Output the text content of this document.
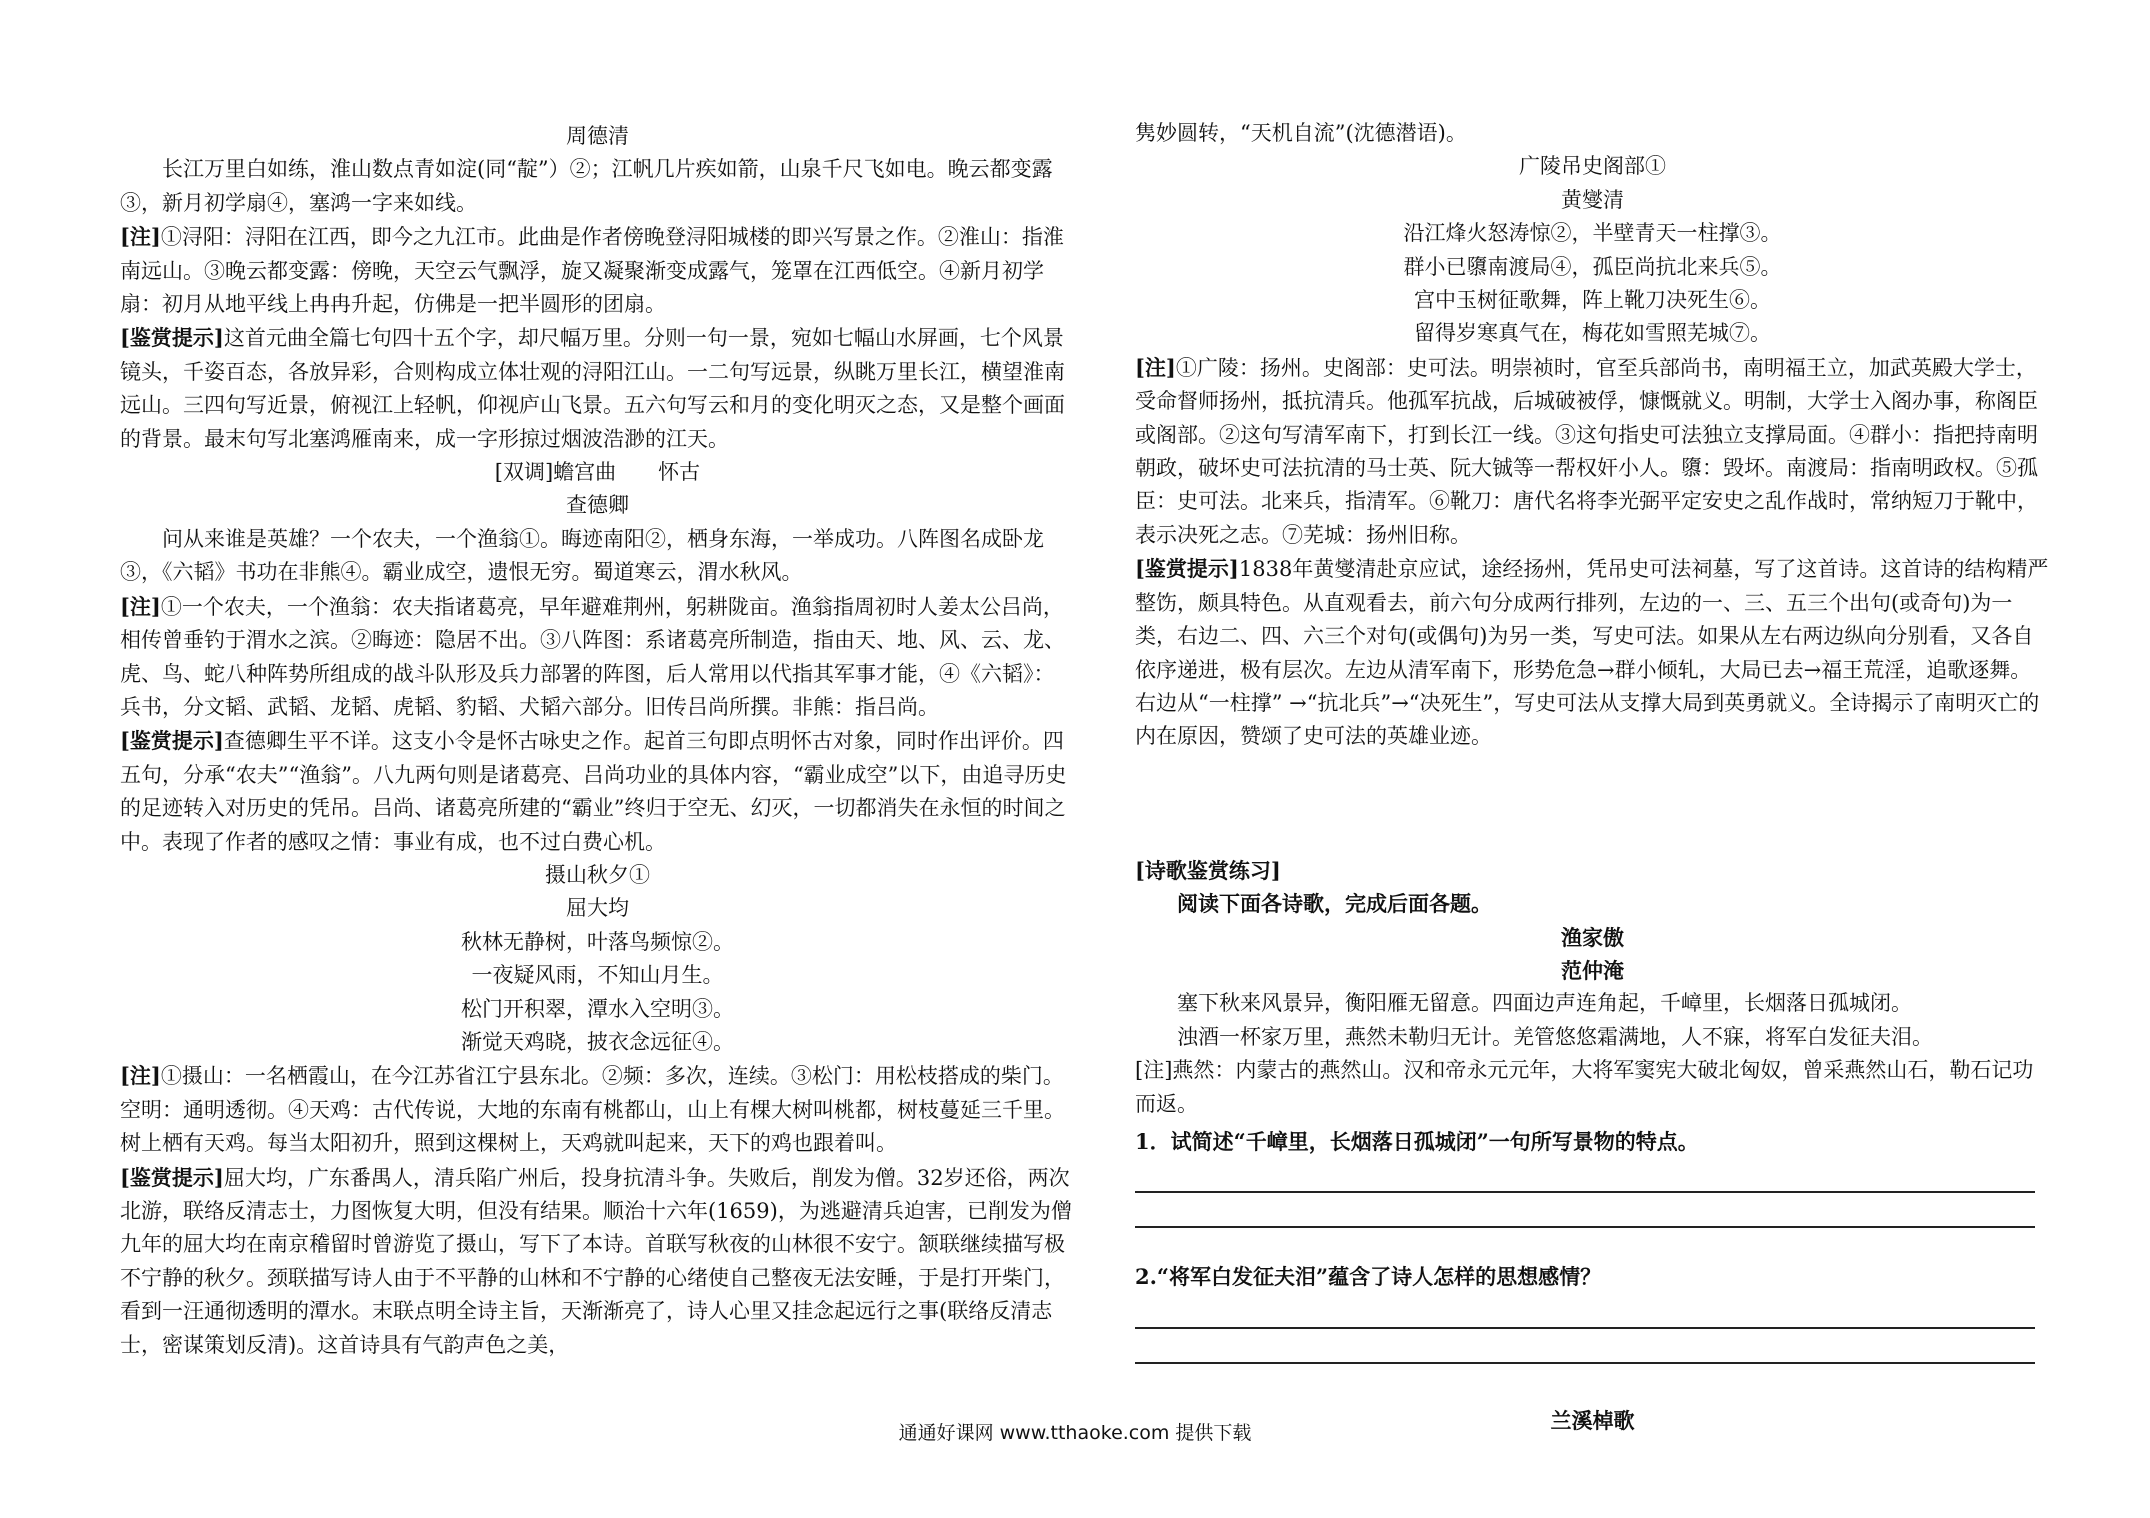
周德清

长江万里白如练，淮山数点青如淀(同“靛”）②；江帆几片疾如箭，山泉千尺飞如电。晚云都变露③，新月初学扇④，塞鸿一字来如线。

[注]①浔阳：浔阳在江西，即今之九江市。此曲是作者傍晚登浔阳城楼的即兴写景之作。②淮山：指淮南远山。③晚云都变露：傍晚，天空云气飘浮，旋又凝聚渐变成露气，笼罩在江西低空。④新月初学扇：初月从地平线上冉冉升起，仿佛是一把半圆形的团扇。

[鉴赏提示]这首元曲全篇七句四十五个字，却尺幅万里。分则一句一景，宛如七幅山水屏画，七个风景镜头，千姿百态，各放异彩，合则构成立体壮观的浔阳江山。一二句写远景，纵眺万里长江，横望淮南远山。三四句写近景，俯视江上轻帆，仰视庐山飞景。五六句写云和月的变化明灭之态，又是整个画面的背景。最末句写北塞鸿雁南来，成一字形掠过烟波浩渺的江天。

[双调]蟾宫曲　　怀古

查德卿

问从来谁是英雄？一个农夫，一个渔翁①。晦迹南阳②，栖身东海，一举成功。八阵图名成卧龙③，《六韬》书功在非熊④。霸业成空，遗恨无穷。蜀道寒云，渭水秋风。

[注]①一个农夫，一个渔翁：农夫指诸葛亮，早年避难荆州，躬耕陇亩。渔翁指周初时人姜太公吕尚，相传曾垂钓于渭水之滨。②晦迹：隐居不出。③八阵图：系诸葛亮所制造，指由天、地、风、云、龙、虎、鸟、蛇八种阵势所组成的战斗队形及兵力部署的阵图，后人常用以代指其军事才能，④《六韬》：兵书，分文韬、武韬、龙韬、虎韬、豹韬、犬韬六部分。旧传吕尚所撰。非熊：指吕尚。

[鉴赏提示]查德卿生平不详。这支小令是怀古咏史之作。起首三句即点明怀古对象，同时作出评价。四五句，分承“农夫”“渔翁”。八九两句则是诸葛亮、吕尚功业的具体内容，“霸业成空”以下，由追寻历史的足迹转入对历史的凭吊。吕尚、诸葛亮所建的“霸业”终归于空无、幻灭，一切都消失在永恒的时间之中。表现了作者的感叹之情：事业有成，也不过白费心机。

摄山秋夕①

屈大均

秋林无静树，叶落鸟频惊②。

一夜疑风雨，不知山月生。

松门开积翠，潭水入空明③。

渐觉天鸡晓，披衣念远征④。

[注]①摄山：一名栖霞山，在今江苏省江宁县东北。②频：多次，连续。③松门：用松枝搭成的柴门。空明：通明透彻。④天鸡：古代传说，大地的东南有桃都山，山上有棵大树叫桃都，树枝蔓延三千里。树上栖有天鸡。每当太阳初升，照到这棵树上，天鸡就叫起来，天下的鸡也跟着叫。

[鉴赏提示]屈大均，广东番禺人，清兵陷广州后，投身抗清斗争。失败后，削发为僧。32岁还俗，两次北游，联络反清志士，力图恢复大明，但没有结果。顺治十六年(1659)，为逃避清兵迫害，已削发为僧九年的屈大均在南京稽留时曾游览了摄山，写下了本诗。首联写秋夜的山林很不安宁。颔联继续描写极不宁静的秋夕。颈联描写诗人由于不平静的山林和不宁静的心绪使自己整夜无法安睡，于是打开柴门，看到一汪通彻透明的潭水。末联点明全诗主旨，天渐渐亮了，诗人心里又挂念起远行之事(联络反清志士，密谋策划反清)。这首诗具有气韵声色之美，

隽妙圆转，“天机自流”(沈德潜语)。

广陵吊史阁部①

黄燮清

沿江烽火怒涛惊②，半壁青天一柱撑③。

群小已隳南渡局④，孤臣尚抗北来兵⑤。

宫中玉树征歌舞，阵上靴刀决死生⑥。

留得岁寒真气在，梅花如雪照芜城⑦。

[注]①广陵：扬州。史阁部：史可法。明崇祯时，官至兵部尚书，南明福王立，加武英殿大学士，受命督师扬州，抵抗清兵。他孤军抗战，后城破被俘，慷慨就义。明制，大学士入阁办事，称阁臣或阁部。②这句写清军南下，打到长江一线。③这句指史可法独立支撑局面。④群小：指把持南明朝政，破坏史可法抗清的马士英、阮大铖等一帮权奸小人。隳：毁坏。南渡局：指南明政权。⑤孤臣：史可法。北来兵，指清军。⑥靴刀：唐代名将李光弼平定安史之乱作战时，常纳短刀于靴中，表示决死之志。⑦芜城：扬州旧称。

[鉴赏提示]1838年黄燮清赴京应试，途经扬州，凭吊史可法祠墓，写了这首诗。这首诗的结构精严整饬，颇具特色。从直观看去，前六句分成两行排列，左边的一、三、五三个出句(或奇句)为一类，右边二、四、六三个对句(或偶句)为另一类，写史可法。如果从左右两边纵向分别看，又各自依序递进，极有层次。左边从清军南下，形势危急→群小倾轧，大局已去→福王荒淫，追歌逐舞。右边从“一柱撑” →“抗北兵”→“决死生”，写史可法从支撑大局到英勇就义。全诗揭示了南明灭亡的内在原因，赞颂了史可法的英雄业迹。

[诗歌鉴赏练习]

阅读下面各诗歌，完成后面各题。

渔家傲

范仲淹

塞下秋来风景异，衡阳雁无留意。四面边声连角起，千嶂里，长烟落日孤城闭。

浊酒一杯家万里，燕然未勒归无计。羌管悠悠霜满地，人不寐，将军白发征夫泪。

[注]燕然：内蒙古的燕然山。汉和帝永元元年，大将军窦宪大破北匈奴，曾采燕然山石，勒石记功而返。

1．试简述“千嶂里，长烟落日孤城闭”一句所写景物的特点。

2.“将军白发征夫泪”蕴含了诗人怎样的思想感情？

兰溪棹歌

通通好课网 www.tthaoke.com 提供下载
